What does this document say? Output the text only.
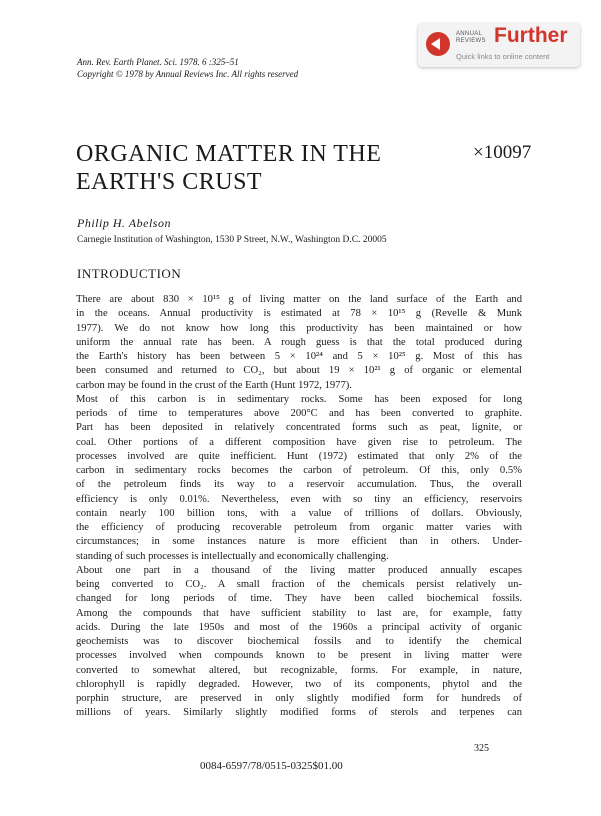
Ann. Rev. Earth Planet. Sci. 1978. 6 :325–51
Copyright © 1978 by Annual Reviews Inc. All rights reserved
ANNUAL
REVIEWS Further
Quick links to online content
ORGANIC MATTER IN THE
EARTH'S CRUST
×10097
Philip H. Abelson
Carnegie Institution of Washington, 1530 P Street, N.W., Washington D.C. 20005
INTRODUCTION

There are about 830 × 10¹⁵ g of living matter on the land surface of the Earth and
in the oceans. Annual productivity is estimated at 78 × 10¹⁵ g (Revelle & Munk
1977). We do not know how long this productivity has been maintained or how
uniform the annual rate has been. A rough guess is that the total produced during
the Earth's history has been between 5 × 10²⁴ and 5 × 10²⁵ g. Most of this has
been consumed and returned to CO₂, but about 19 × 10²¹ g of organic or elemental
carbon may be found in the crust of the Earth (Hunt 1972, 1977).

Most of this carbon is in sedimentary rocks. Some has been exposed for long
periods of time to temperatures above 200°C and has been converted to graphite.
Part has been deposited in relatively concentrated forms such as peat, lignite, or
coal. Other portions of a different composition have given rise to petroleum. The
processes involved are quite inefficient. Hunt (1972) estimated that only 2% of the
carbon in sedimentary rocks becomes the carbon of petroleum. Of this, only 0.5%
of the petroleum finds its way to a reservoir accumulation. Thus, the overall
efficiency is only 0.01%. Nevertheless, even with so tiny an efficiency, reservoirs
contain nearly 100 billion tons, with a value of trillions of dollars. Obviously,
the efficiency of producing recoverable petroleum from organic matter varies with
circumstances; in some instances nature is more efficient than in others. Under-
standing of such processes is intellectually and economically challenging.

About one part in a thousand of the living matter produced annually escapes
being converted to CO₂. A small fraction of the chemicals persist relatively un-
changed for long periods of time. They have been called biochemical fossils.
Among the compounds that have sufficient stability to last are, for example, fatty
acids. During the late 1950s and most of the 1960s a principal activity of organic
geochemists was to discover biochemical fossils and to identify the chemical
processes involved when compounds known to be present in living matter were
converted to somewhat altered, but recognizable, forms. For example, in nature,
chlorophyll is rapidly degraded. However, two of its components, phytol and the
porphin structure, are preserved in only slightly modified form for hundreds of
millions of years. Similarly slightly modified forms of sterols and terpenes can

325
0084-6597/78/0515-0325$01.00
